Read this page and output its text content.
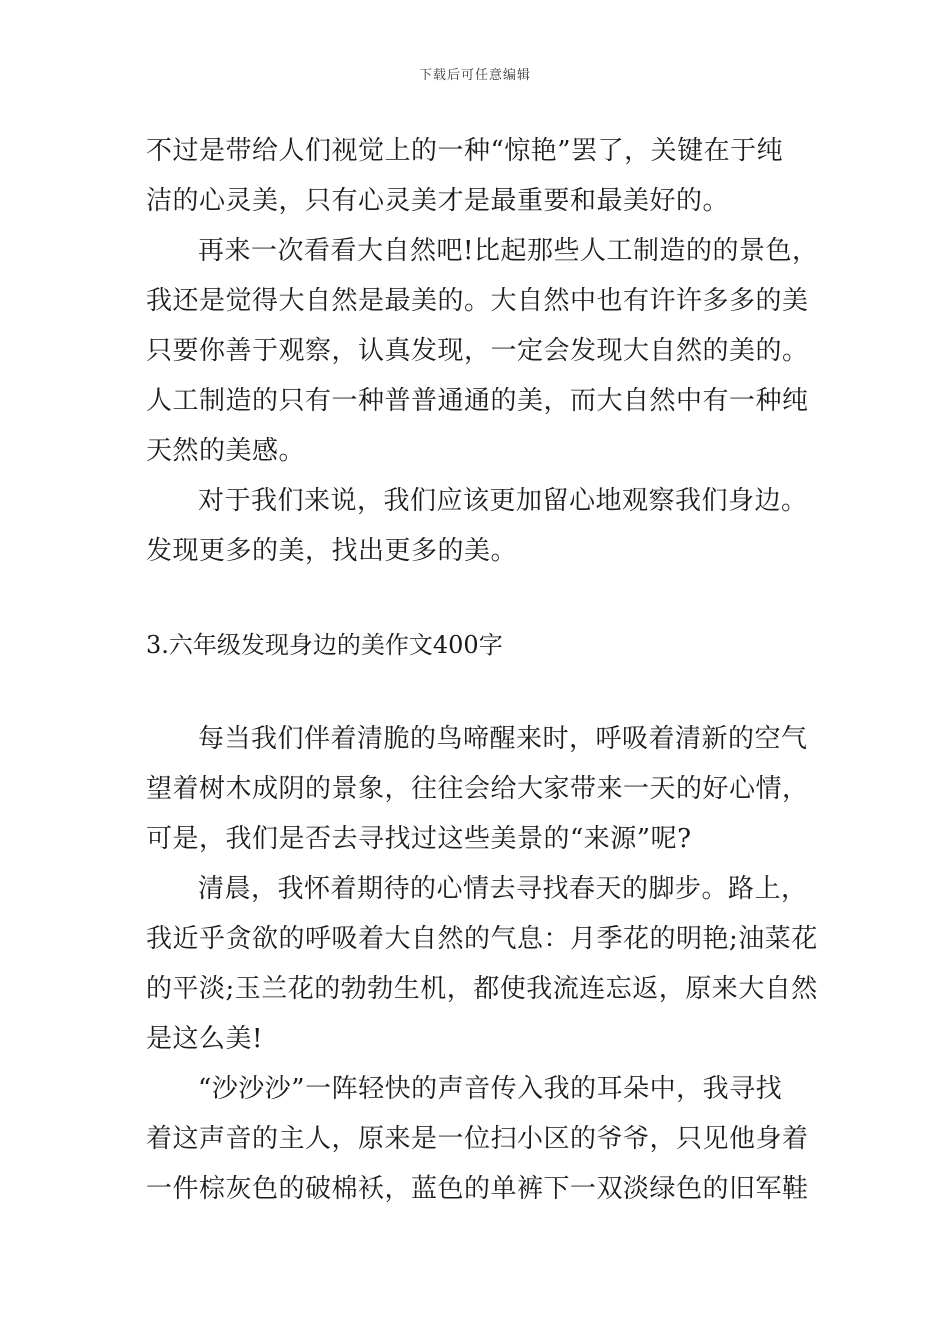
下载后可任意编辑
不过是带给人们视觉上的一种“惊艳”罢了，关键在于纯
洁的心灵美，只有心灵美才是最重要和最美好的。
再来一次看看大自然吧!比起那些人工制造的的景色，
我还是觉得大自然是最美的。大自然中也有许许多多的美
只要你善于观察，认真发现，一定会发现大自然的美的。
人工制造的只有一种普普通通的美，而大自然中有一种纯
天然的美感。
对于我们来说，我们应该更加留心地观察我们身边。
发现更多的美，找出更多的美。
3.六年级发现身边的美作文400字
每当我们伴着清脆的鸟啼醒来时，呼吸着清新的空气
望着树木成阴的景象，往往会给大家带来一天的好心情，
可是，我们是否去寻找过这些美景的“来源”呢?
清晨，我怀着期待的心情去寻找春天的脚步。路上，
我近乎贪欲的呼吸着大自然的气息：月季花的明艳;油菜花
的平淡;玉兰花的勃勃生机，都使我流连忘返，原来大自然
是这么美!
“沙沙沙”一阵轻快的声音传入我的耳朵中，我寻找
着这声音的主人，原来是一位扫小区的爷爷，只见他身着
一件棕灰色的破棉袄，蓝色的单裤下一双淡绿色的旧军鞋
